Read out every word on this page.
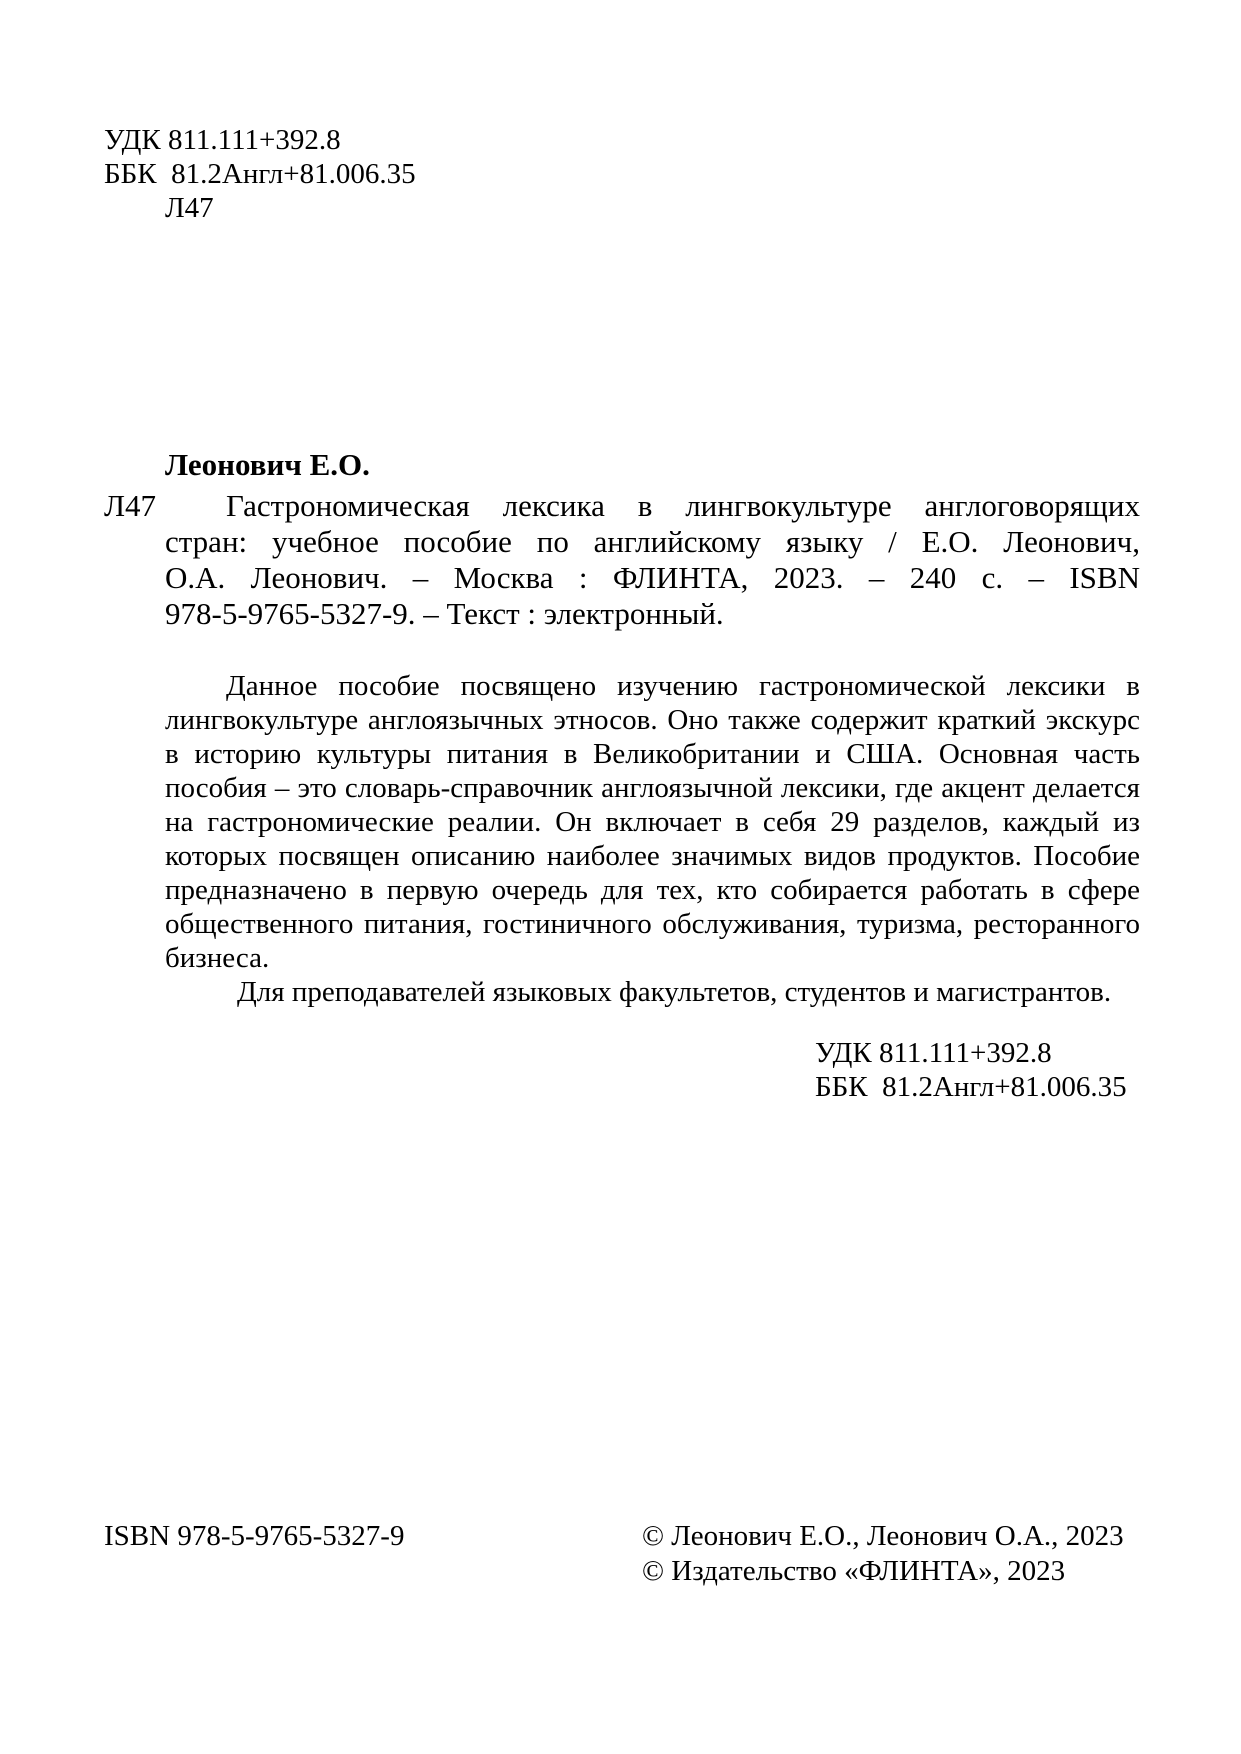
УДК 811.111+392.8
ББК  81.2Англ+81.006.35
Л47
Леонович Е.О.
Л47 Гастрономическая лексика в лингвокультуре англоговорящих
стран: учебное пособие по английскому языку / Е.О. Леонович,
О.А. Леонович. – Москва : ФЛИНТА, 2023. – 240 с. – ISBN
978-5-9765-5327-9. – Текст : электронный.
Данное пособие посвящено изучению гастрономической лексики в
лингвокультуре англоязычных этносов. Оно также содержит краткий экскурс
в историю культуры питания в Великобритании и США. Основная часть
пособия – это словарь-справочник англоязычной лексики, где акцент делается
на гастрономические реалии. Он включает в себя 29 разделов, каждый из
которых посвящен описанию наиболее значимых видов продуктов. Пособие
предназначено в первую очередь для тех, кто собирается работать в сфере
общественного питания, гостиничного обслуживания, туризма, ресторанного
бизнеса.
Для преподавателей языковых факультетов, студентов и магистрантов.
УДК 811.111+392.8
ББК  81.2Англ+81.006.35
ISBN 978-5-9765-5327-9	© Леонович Е.О., Леонович О.А., 2023
© Издательство «ФЛИНТА», 2023
